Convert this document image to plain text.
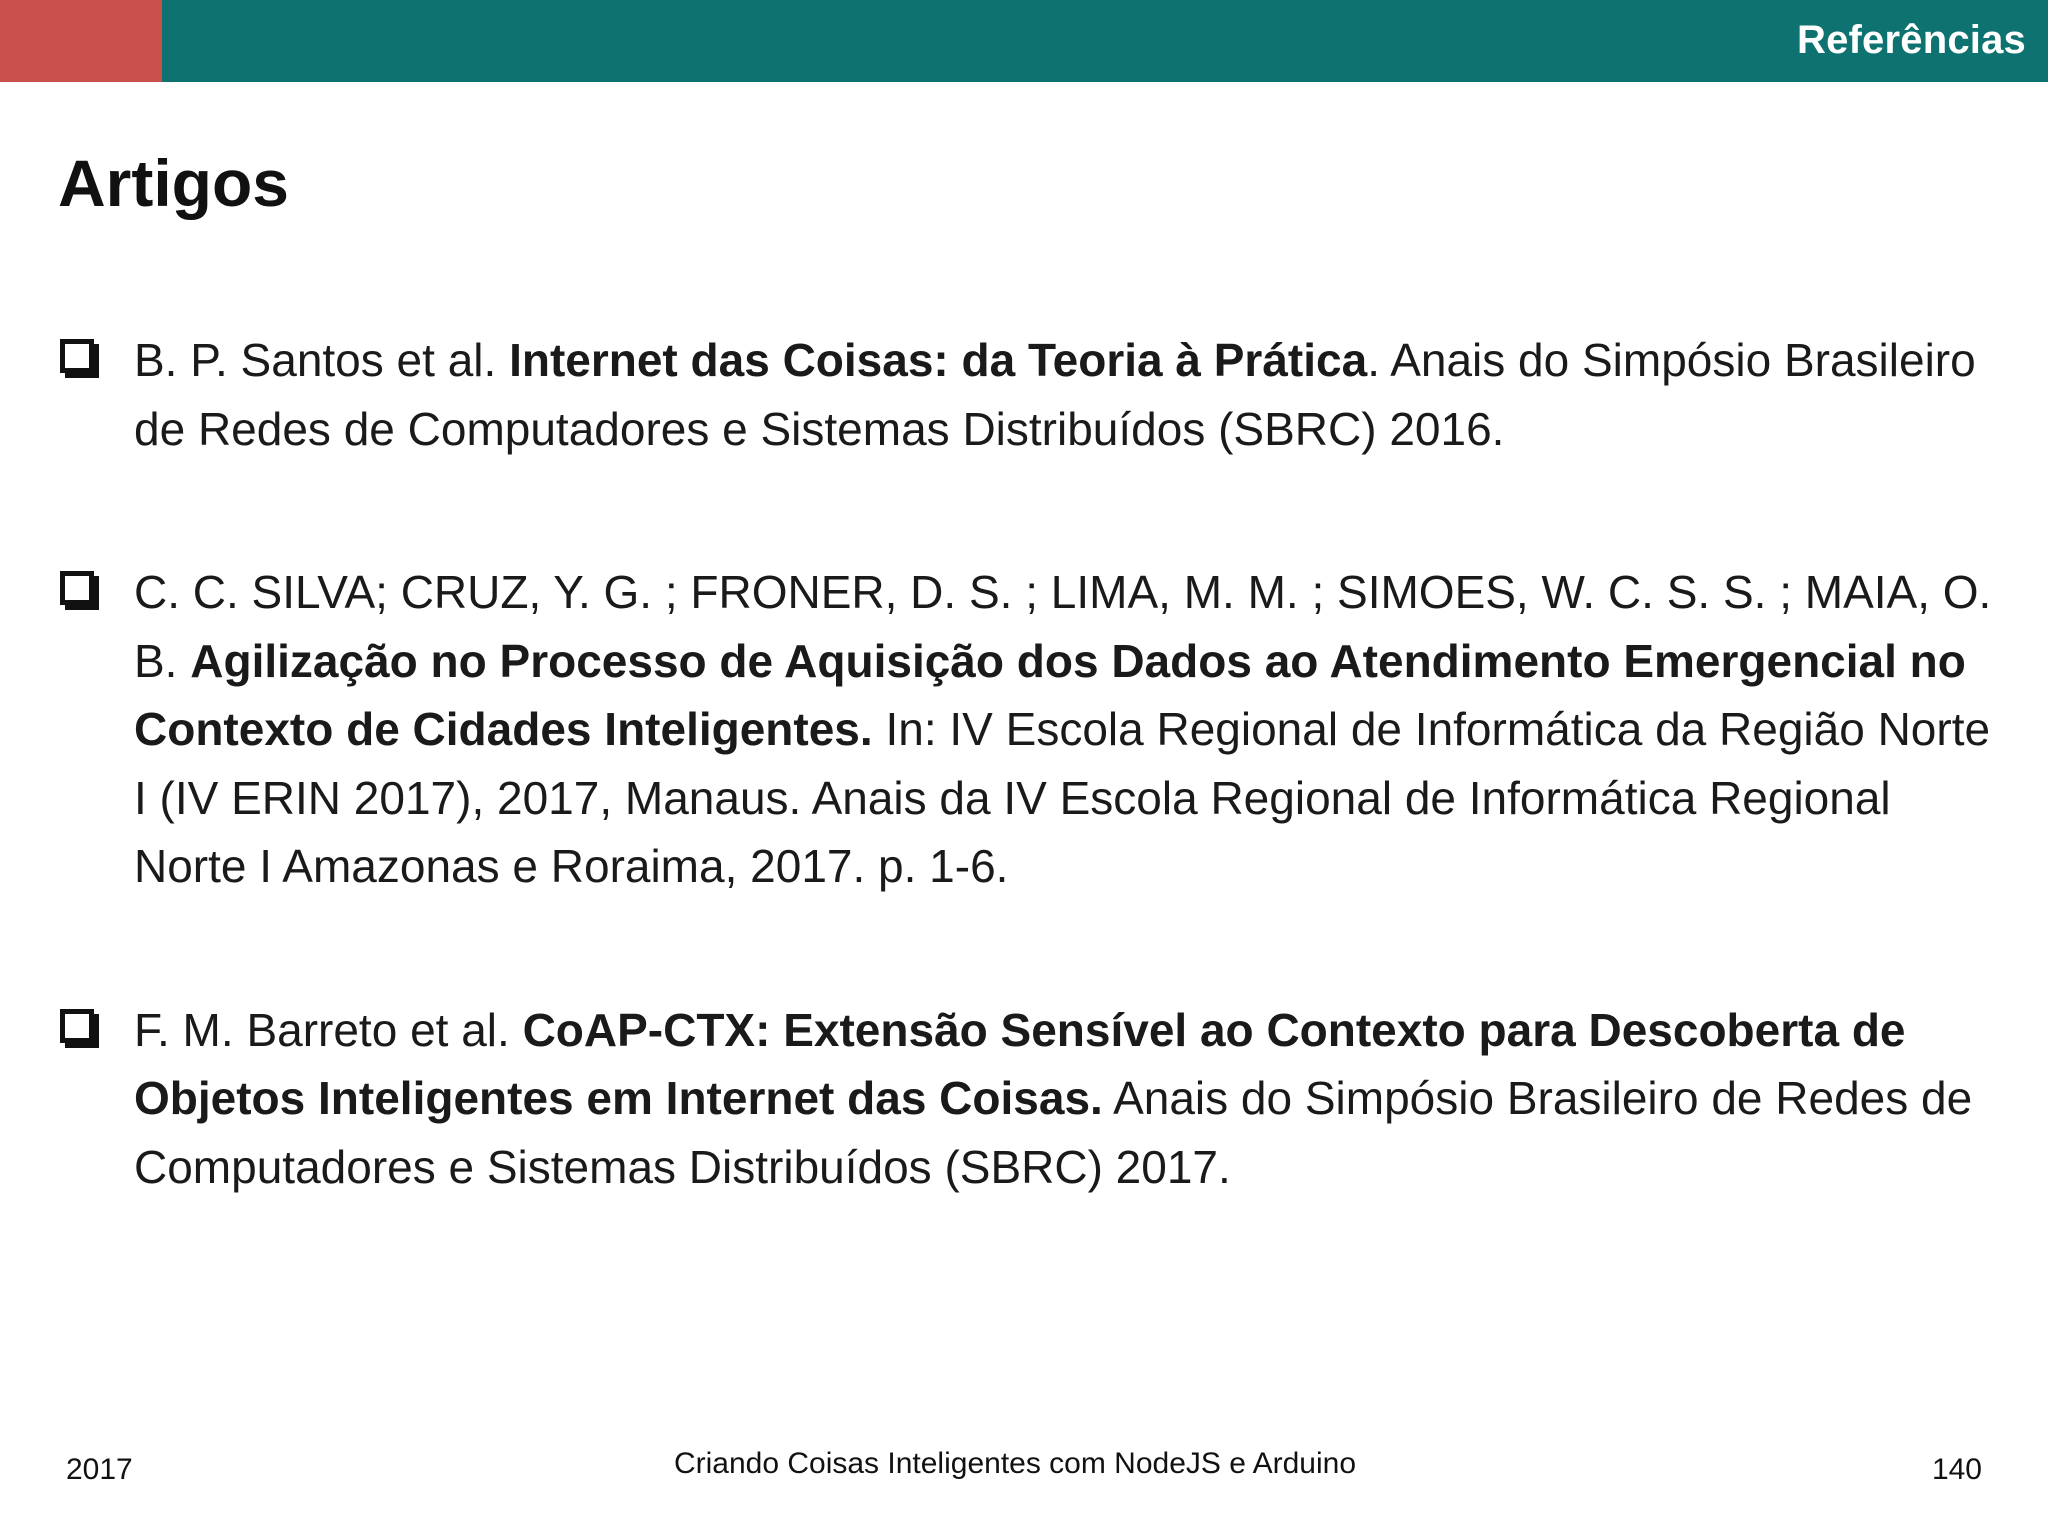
Referências
Artigos
B. P. Santos et al. Internet das Coisas: da Teoria à Prática. Anais do Simpósio Brasileiro de Redes de Computadores e Sistemas Distribuídos (SBRC) 2016.
C. C. SILVA; CRUZ, Y. G. ; FRONER, D. S. ; LIMA, M. M. ; SIMOES, W. C. S. S. ; MAIA, O. B. Agilização no Processo de Aquisição dos Dados ao Atendimento Emergencial no Contexto de Cidades Inteligentes. In: IV Escola Regional de Informática da Região Norte I (IV ERIN 2017), 2017, Manaus. Anais da IV Escola Regional de Informática Regional Norte I Amazonas e Roraima, 2017. p. 1-6.
F. M. Barreto et al. CoAP-CTX: Extensão Sensível ao Contexto para Descoberta de Objetos Inteligentes em Internet das Coisas. Anais do Simpósio Brasileiro de Redes de Computadores e Sistemas Distribuídos (SBRC) 2017.
2017	Criando Coisas Inteligentes com NodeJS e Arduino	140
